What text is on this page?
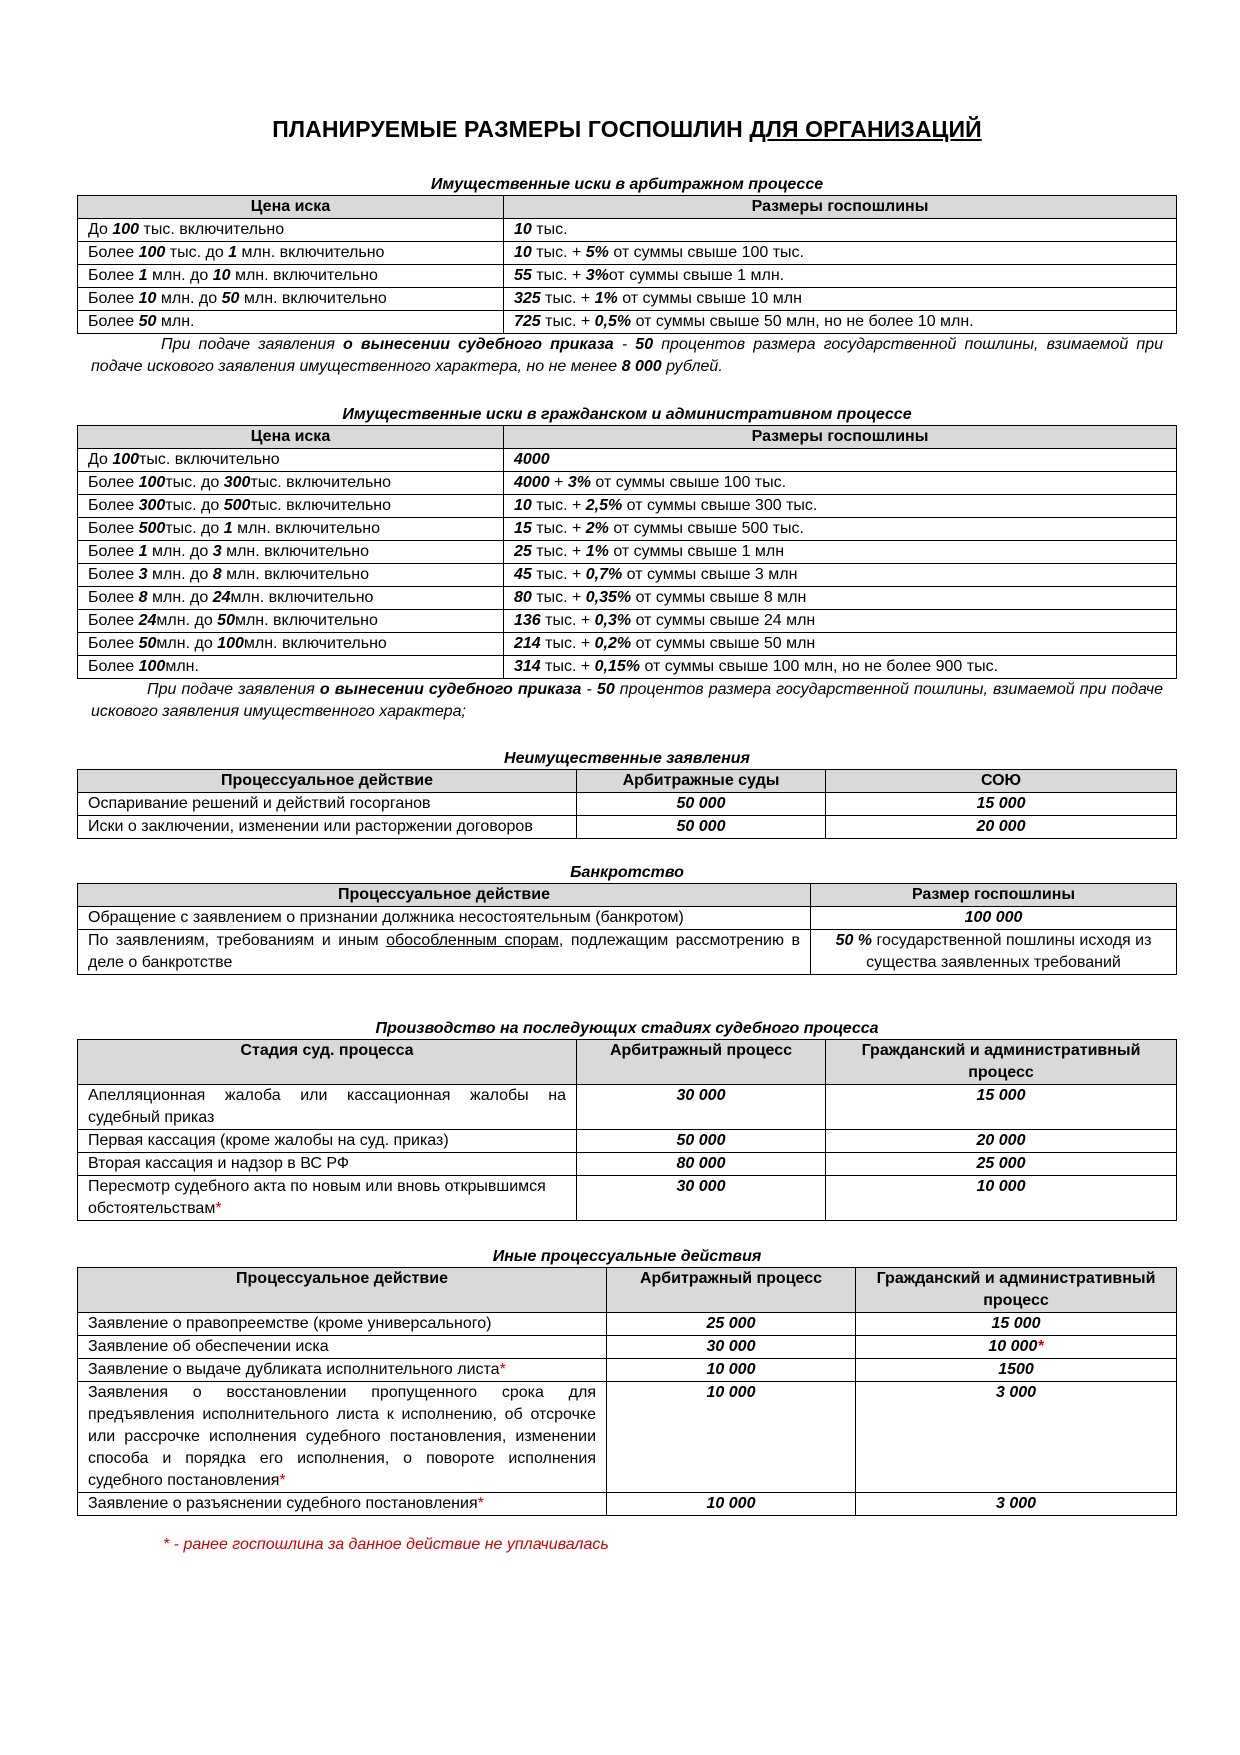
ПЛАНИРУЕМЫЕ РАЗМЕРЫ ГОСПОШЛИН ДЛЯ ОРГАНИЗАЦИЙ
Имущественные иски в арбитражном процессе
Цена иска	Размеры госпошлины
До 100 тыс. включительно	10 тыс.
Более 100 тыс. до 1 млн. включительно	10 тыс. + 5% от суммы свыше 100 тыс.
Более 1 млн. до 10 млн. включительно	55 тыс. + 3%от суммы свыше 1 млн.
Более 10 млн. до 50 млн. включительно	325 тыс. + 1% от суммы свыше 10 млн
Более 50 млн.	725 тыс. + 0,5% от суммы свыше 50 млн, но не более 10 млн.
При подаче заявления о вынесении судебного приказа - 50 процентов размера государственной пошлины, взимаемой при подаче искового заявления имущественного характера, но не менее 8 000 рублей.
Имущественные иски в гражданском и административном процессе
Цена иска	Размеры госпошлины
До 100тыс. включительно	4000
Более 100тыс. до 300тыс. включительно	4000 + 3% от суммы свыше 100 тыс.
Более 300тыс. до 500тыс. включительно	10 тыс. + 2,5% от суммы свыше 300 тыс.
Более 500тыс. до 1 млн. включительно	15 тыс. + 2% от суммы свыше 500 тыс.
Более 1 млн. до 3 млн. включительно	25 тыс. + 1% от суммы свыше 1 млн
Более 3 млн. до 8 млн. включительно	45 тыс. + 0,7% от суммы свыше 3 млн
Более 8 млн. до 24млн. включительно	80 тыс. + 0,35% от суммы свыше 8 млн
Более 24млн. до 50млн. включительно	136 тыс. + 0,3% от суммы свыше 24 млн
Более 50млн. до 100млн. включительно	214 тыс. + 0,2% от суммы свыше 50 млн
Более 100млн.	314 тыс. + 0,15% от суммы свыше 100 млн, но не более 900 тыс.
При подаче заявления о вынесении судебного приказа - 50 процентов размера государственной пошлины, взимаемой при подаче искового заявления имущественного характера;
Неимущественные заявления
Процессуальное действие	Арбитражные суды	СОЮ
Оспаривание решений и действий госорганов	50 000	15 000
Иски о заключении, изменении или расторжении договоров	50 000	20 000
Банкротство
Процессуальное действие	Размер госпошлины
Обращение с заявлением о признании должника несостоятельным (банкротом)	100 000
По заявлениям, требованиям и иным обособленным спорам, подлежащим рассмотрению в деле о банкротстве	50 % государственной пошлины исходя из существа заявленных требований
Производство на последующих стадиях судебного процесса
Стадия суд. процесса	Арбитражный процесс	Гражданский и административный процесс
Апелляционная жалоба или кассационная жалобы на судебный приказ	30 000	15 000
Первая кассация (кроме жалобы на суд. приказ)	50 000	20 000
Вторая кассация и надзор в ВС РФ	80 000	25 000
Пересмотр судебного акта по новым или вновь открывшимся обстоятельствам*	30 000	10 000
Иные процессуальные действия
Процессуальное действие	Арбитражный процесс	Гражданский и административный процесс
Заявление о правопреемстве (кроме универсального)	25 000	15 000
Заявление об обеспечении иска	30 000	10 000*
Заявление о выдаче дубликата исполнительного листа*	10 000	1500
Заявления о восстановлении пропущенного срока для предъявления исполнительного листа к исполнению, об отсрочке или рассрочке исполнения судебного постановления, изменении способа и порядка его исполнения, о повороте исполнения судебного постановления*	10 000	3 000
Заявление о разъяснении судебного постановления*	10 000	3 000
* - ранее госпошлина за данное действие не уплачивалась
